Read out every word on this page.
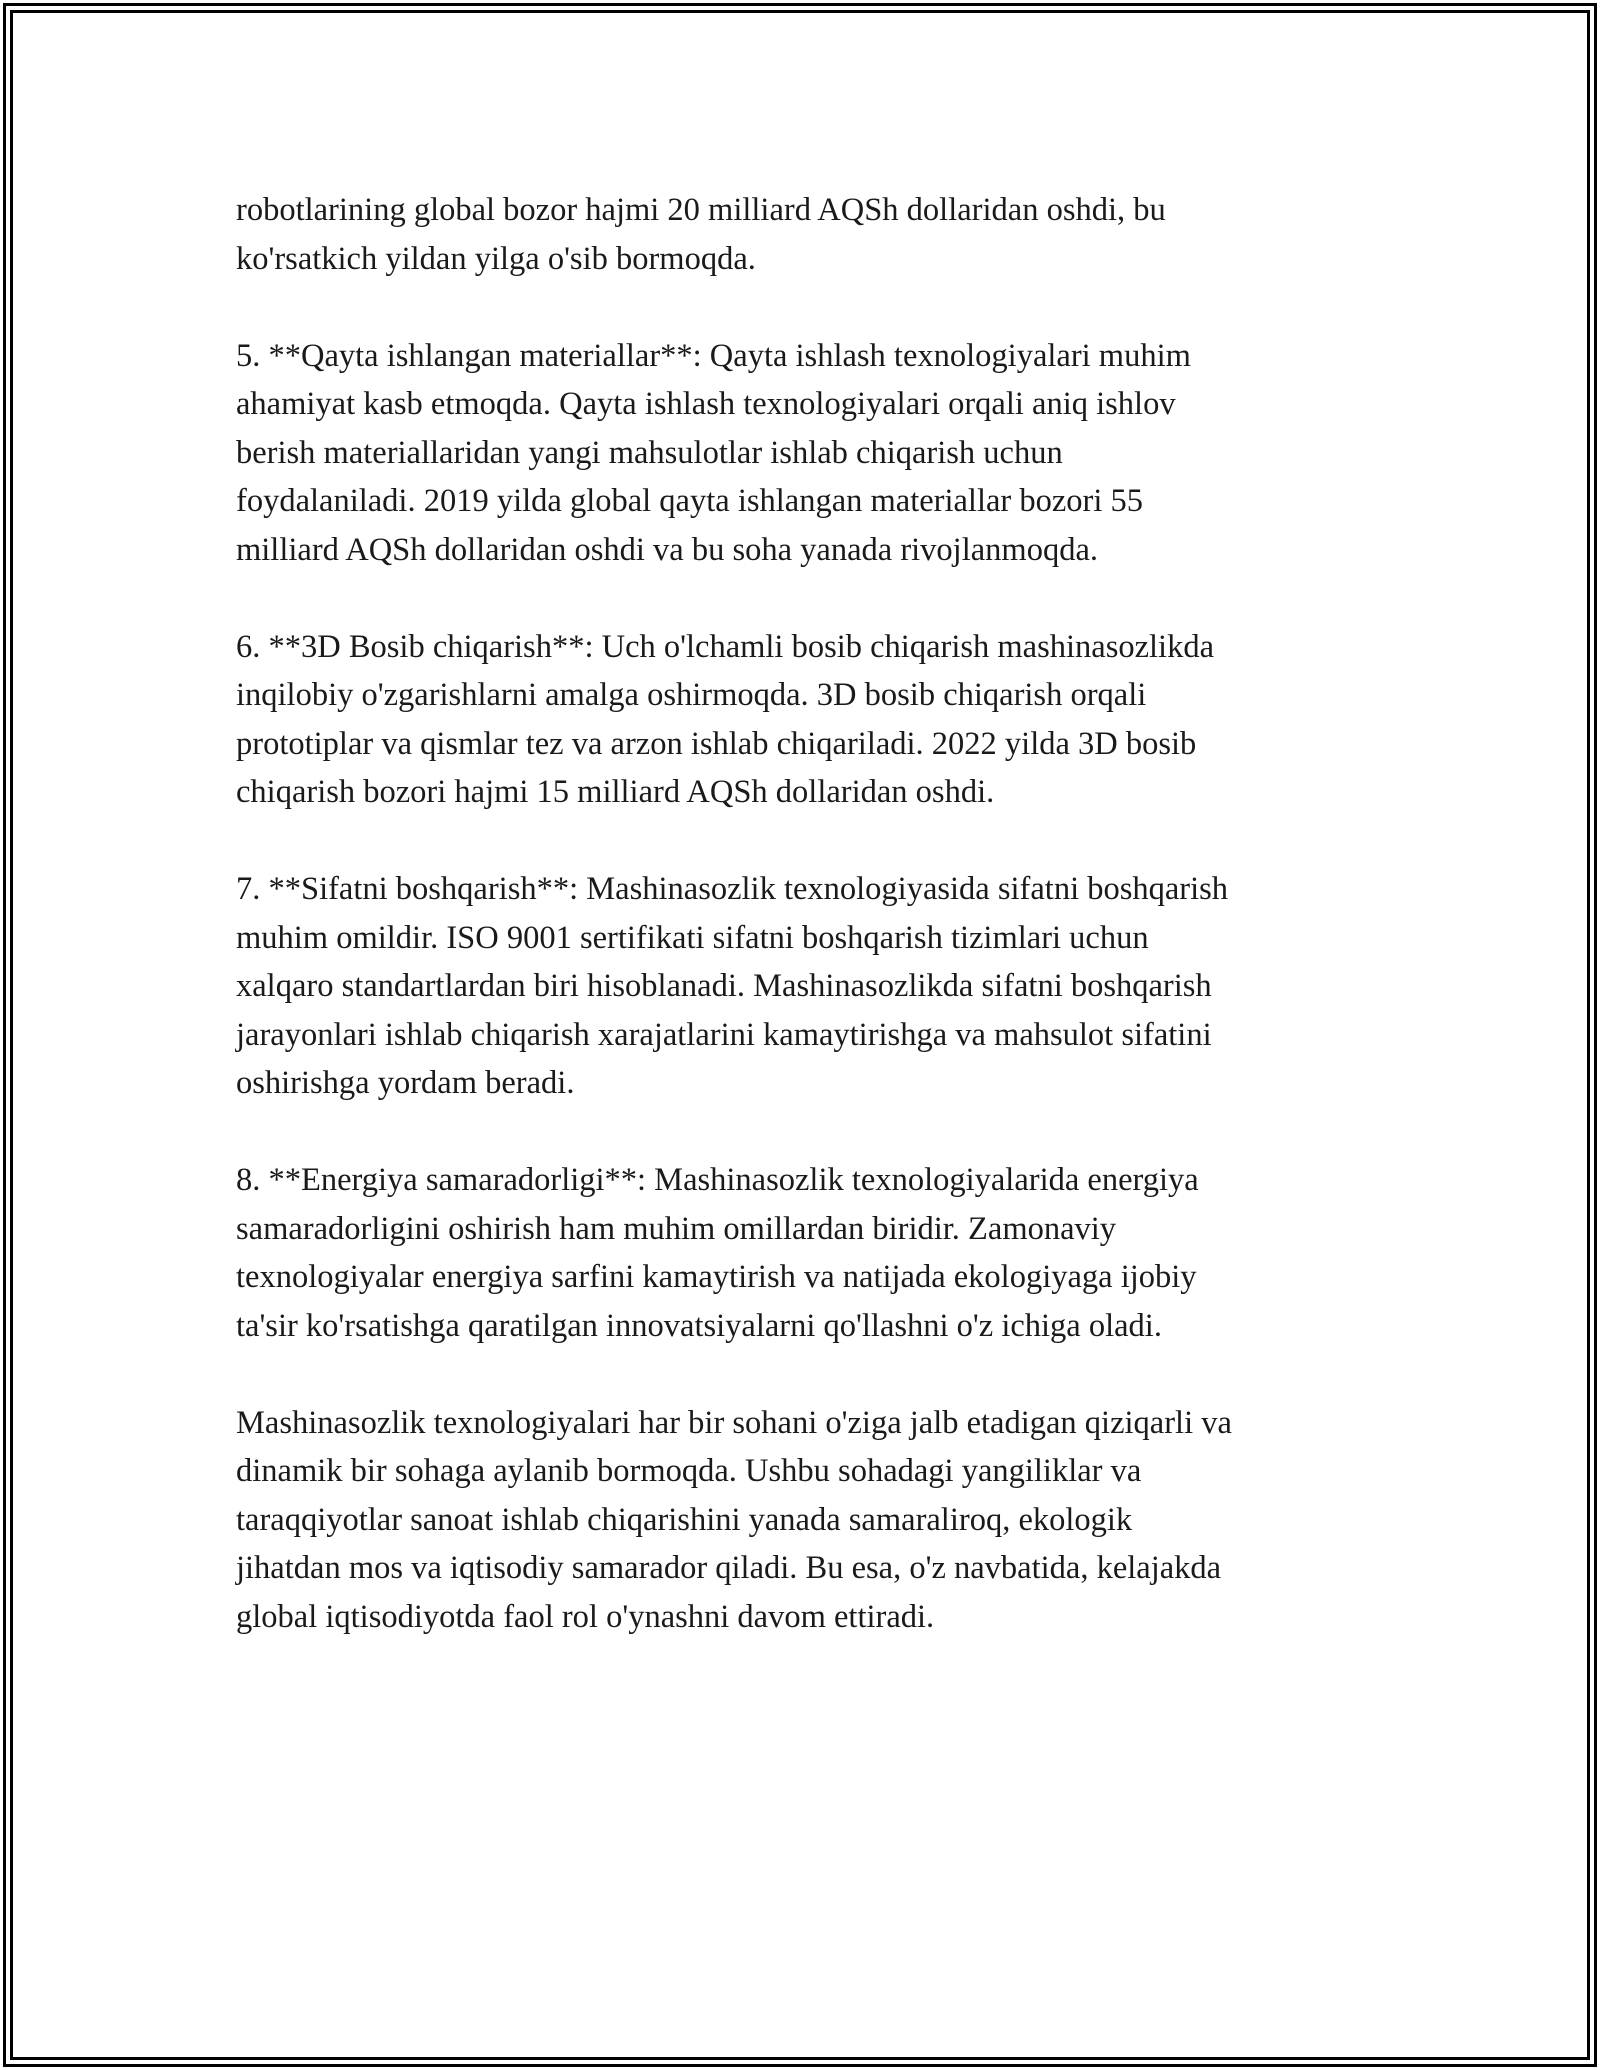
robotlarining global bozor hajmi 20 milliard AQSh dollaridan oshdi, bu
ko'rsatkich yildan yilga o'sib bormoqda.

5. **Qayta ishlangan materiallar**: Qayta ishlash texnologiyalari muhim
ahamiyat kasb etmoqda. Qayta ishlash texnologiyalari orqali aniq ishlov
berish materiallaridan yangi mahsulotlar ishlab chiqarish uchun
foydalaniladi. 2019 yilda global qayta ishlangan materiallar bozori 55
milliard AQSh dollaridan oshdi va bu soha yanada rivojlanmoqda.

6. **3D Bosib chiqarish**: Uch o'lchamli bosib chiqarish mashinasozlikda
inqilobiy o'zgarishlarni amalga oshirmoqda. 3D bosib chiqarish orqali
prototiplar va qismlar tez va arzon ishlab chiqariladi. 2022 yilda 3D bosib
chiqarish bozori hajmi 15 milliard AQSh dollaridan oshdi.

7. **Sifatni boshqarish**: Mashinasozlik texnologiyasida sifatni boshqarish
muhim omildir. ISO 9001 sertifikati sifatni boshqarish tizimlari uchun
xalqaro standartlardan biri hisoblanadi. Mashinasozlikda sifatni boshqarish
jarayonlari ishlab chiqarish xarajatlarini kamaytirishga va mahsulot sifatini
oshirishga yordam beradi.

8. **Energiya samaradorligi**: Mashinasozlik texnologiyalarida energiya
samaradorligini oshirish ham muhim omillardan biridir. Zamonaviy
texnologiyalar energiya sarfini kamaytirish va natijada ekologiyaga ijobiy
ta'sir ko'rsatishga qaratilgan innovatsiyalarni qo'llashni o'z ichiga oladi.

Mashinasozlik texnologiyalari har bir sohani o'ziga jalb etadigan qiziqarli va
dinamik bir sohaga aylanib bormoqda. Ushbu sohadagi yangiliklar va
taraqqiyotlar sanoat ishlab chiqarishini yanada samaraliroq, ekologik
jihatdan mos va iqtisodiy samarador qiladi. Bu esa, o'z navbatida, kelajakda
global iqtisodiyotda faol rol o'ynashni davom ettiradi.
